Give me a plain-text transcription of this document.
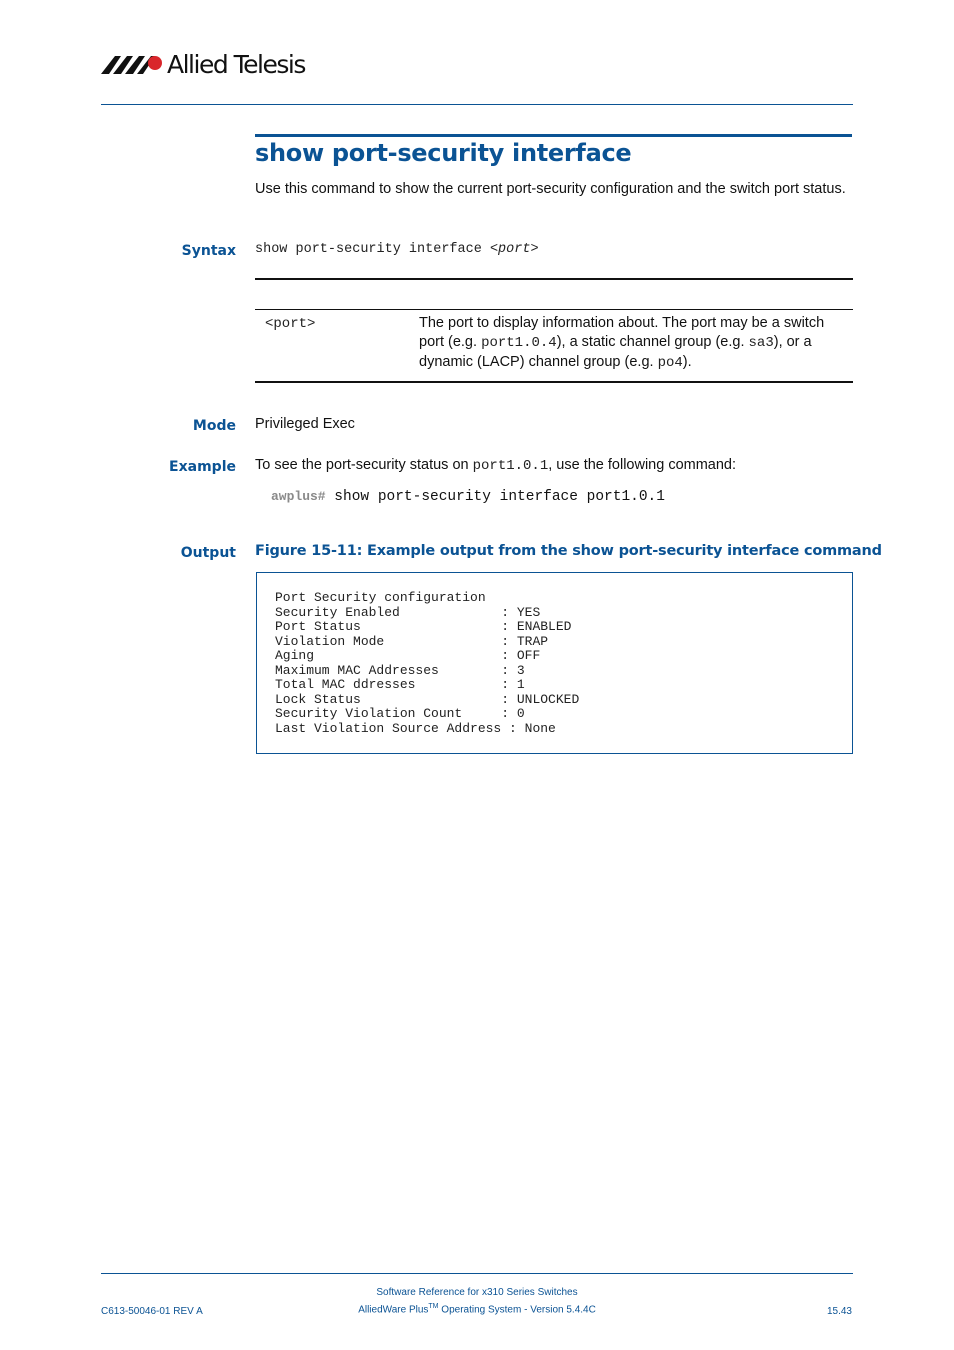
Allied Telesis
show port-security interface
Use this command to show the current port-security configuration and the switch port status.
Syntax show port-security interface <port>
<port>	The port to display information about. The port may be a switch port (e.g. port1.0.4), a static channel group (e.g. sa3), or a dynamic (LACP) channel group (e.g. po4).
Mode Privileged Exec
Example To see the port-security status on port1.0.1, use the following command:
awplus# show port-security interface port1.0.1
Output Figure 15-11: Example output from the show port-security interface command
Port Security configuration
Security Enabled             : YES
Port Status                  : ENABLED
Violation Mode               : TRAP
Aging                        : OFF
Maximum MAC Addresses        : 3
Total MAC ddresses           : 1
Lock Status                  : UNLOCKED
Security Violation Count     : 0
Last Violation Source Address : None
C613-50046-01 REV A
Software Reference for x310 Series Switches
AlliedWare Plus™ Operating System - Version 5.4.4C	15.43
